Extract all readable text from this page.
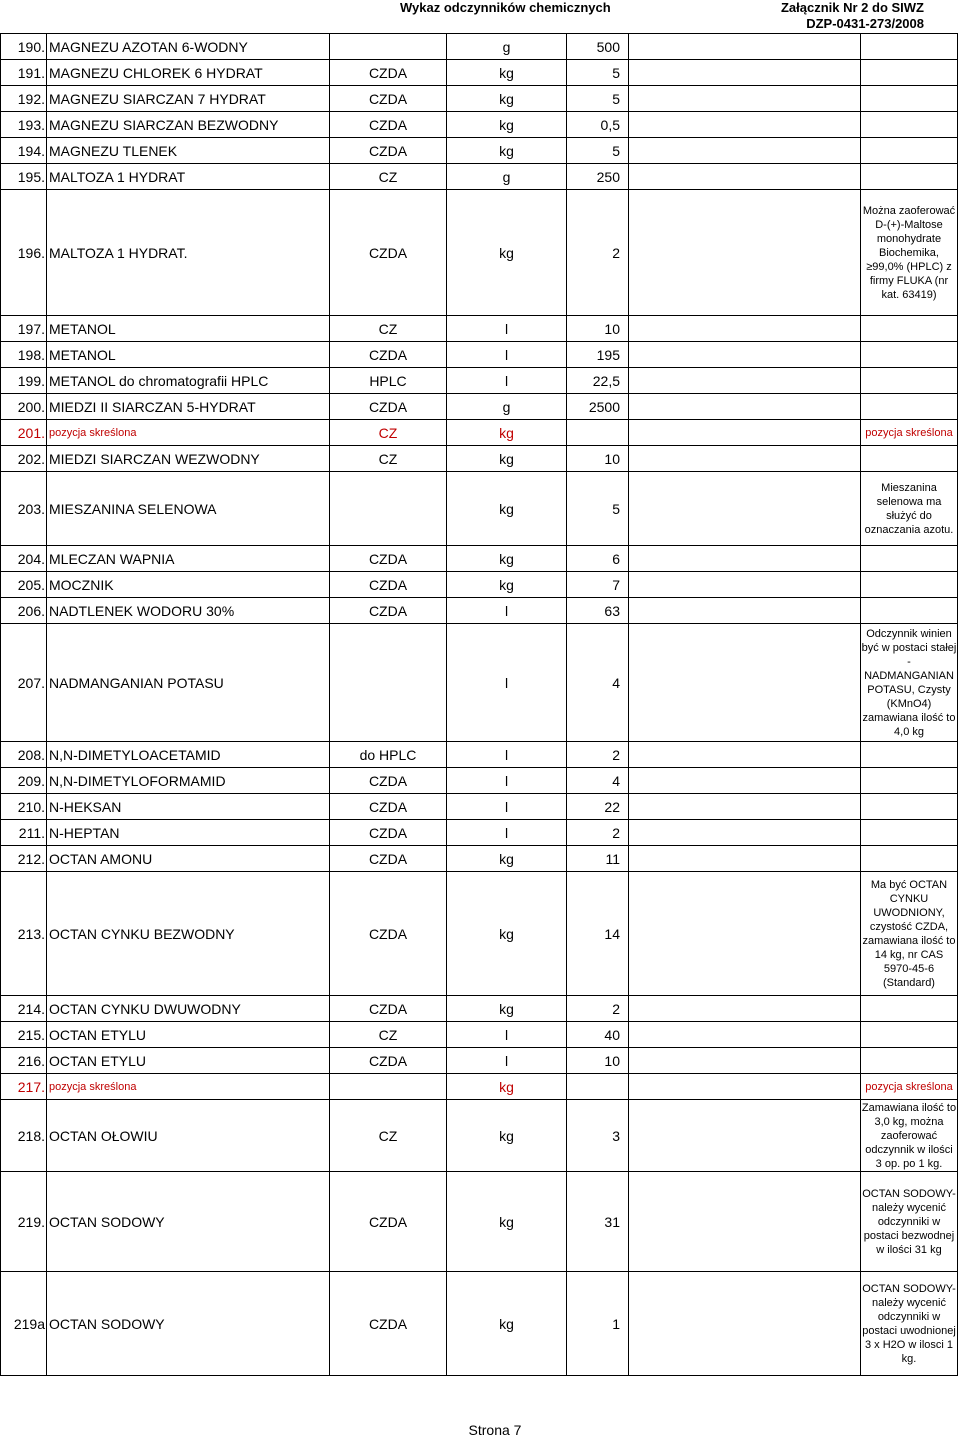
Wykaz odczynników chemicznych	Załącznik Nr 2 do SIWZ
DZP-0431-273/2008
190.	MAGNEZU AZOTAN 6-WODNY		g	500		
191.	MAGNEZU CHLOREK 6 HYDRAT	CZDA	kg	5		
192.	MAGNEZU SIARCZAN 7 HYDRAT	CZDA	kg	5		
193.	MAGNEZU SIARCZAN BEZWODNY	CZDA	kg	0,5		
194.	MAGNEZU TLENEK	CZDA	kg	5		
195.	MALTOZA 1 HYDRAT	CZ	g	250		
196.	MALTOZA 1 HYDRAT.	CZDA	kg	2		Można zaoferować D-(+)-Maltose monohydrate Biochemika, ≥99,0% (HPLC) z firmy FLUKA (nr kat. 63419)
197.	METANOL	CZ	l	10		
198.	METANOL	CZDA	l	195		
199.	METANOL do chromatografii HPLC	HPLC	l	22,5		
200.	MIEDZI II SIARCZAN 5-HYDRAT	CZDA	g	2500		
201.	pozycja skreślona	CZ	kg			pozycja skreślona
202.	MIEDZI SIARCZAN WEZWODNY	CZ	kg	10		
203.	MIESZANINA SELENOWA		kg	5		Mieszanina selenowa ma służyć do oznaczania azotu.
204.	MLECZAN WAPNIA	CZDA	kg	6		
205.	MOCZNIK	CZDA	kg	7		
206.	NADTLENEK WODORU 30%	CZDA	l	63		
207.	NADMANGANIAN POTASU		l	4		Odczynnik winien być w postaci stałej - NADMANGANIAN POTASU, Czysty (KMnO4) zamawiana ilość to 4,0 kg
208.	N,N-DIMETYLOACETAMID	do HPLC	l	2		
209.	N,N-DIMETYLOFORMAMID	CZDA	l	4		
210.	N-HEKSAN	CZDA	l	22		
211.	N-HEPTAN	CZDA	l	2		
212.	OCTAN AMONU	CZDA	kg	11		
213.	OCTAN CYNKU BEZWODNY	CZDA	kg	14		Ma być OCTAN CYNKU UWODNIONY, czystość CZDA, zamawiana ilość to 14 kg, nr CAS 5970-45-6 (Standard)
214.	OCTAN CYNKU DWUWODNY	CZDA	kg	2		
215.	OCTAN ETYLU	CZ	l	40		
216.	OCTAN ETYLU	CZDA	l	10		
217.	pozycja skreślona		kg			pozycja skreślona
218.	OCTAN OŁOWIU	CZ	kg	3		Zamawiana ilość to 3,0 kg, można zaoferować odczynnik w ilości 3 op. po 1 kg.
219.	OCTAN SODOWY	CZDA	kg	31		OCTAN SODOWY- należy wycenić odczynniki w postaci bezwodnej w ilości 31 kg
219a	OCTAN SODOWY	CZDA	kg	1		OCTAN SODOWY- należy wycenić odczynniki w postaci uwodnionej 3 x H2O w ilosci 1 kg.
Strona 7
